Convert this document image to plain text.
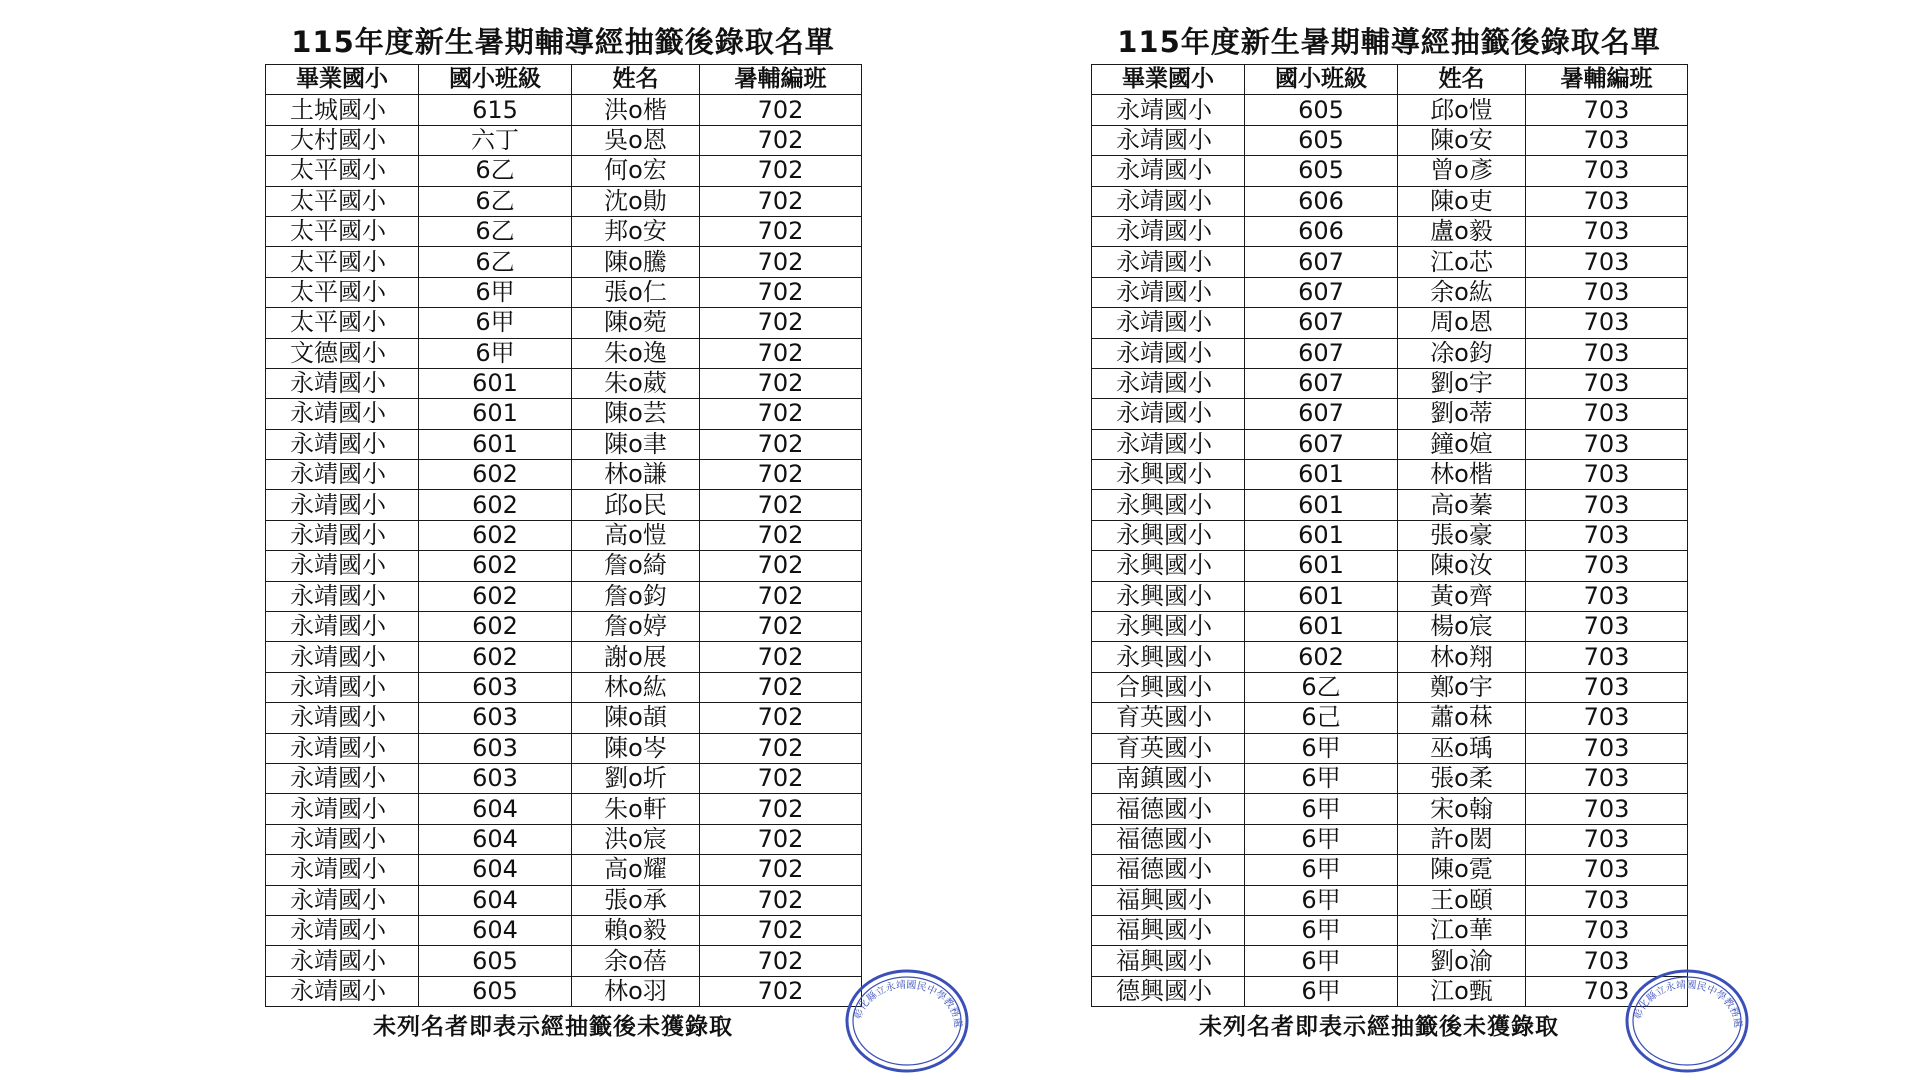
115年度新生暑期輔導經抽籤後錄取名單
畢業國小	國小班級	姓名	暑輔編班
土城國小	615	洪o楷	702
大村國小	六丁	吳o恩	702
太平國小	6乙	何o宏	702
太平國小	6乙	沈o勛	702
太平國小	6乙	邦o安	702
太平國小	6乙	陳o騰	702
太平國小	6甲	張o仁	702
太平國小	6甲	陳o菀	702
文德國小	6甲	朱o逸	702
永靖國小	601	朱o葳	702
永靖國小	601	陳o芸	702
永靖國小	601	陳o聿	702
永靖國小	602	林o謙	702
永靖國小	602	邱o民	702
永靖國小	602	高o愷	702
永靖國小	602	詹o綺	702
永靖國小	602	詹o鈞	702
永靖國小	602	詹o婷	702
永靖國小	602	謝o展	702
永靖國小	603	林o紘	702
永靖國小	603	陳o頡	702
永靖國小	603	陳o岑	702
永靖國小	603	劉o圻	702
永靖國小	604	朱o軒	702
永靖國小	604	洪o宸	702
永靖國小	604	高o耀	702
永靖國小	604	張o承	702
永靖國小	604	賴o毅	702
永靖國小	605	余o蓓	702
永靖國小	605	林o羽	702
未列名者即表示經抽籤後未獲錄取	彰化縣立永靖國民中學教務處
115年度新生暑期輔導經抽籤後錄取名單
畢業國小	國小班級	姓名	暑輔編班
永靖國小	605	邱o愷	703
永靖國小	605	陳o安	703
永靖國小	605	曾o彥	703
永靖國小	606	陳o吏	703
永靖國小	606	盧o毅	703
永靖國小	607	江o芯	703
永靖國小	607	余o紘	703
永靖國小	607	周o恩	703
永靖國小	607	凃o鈞	703
永靖國小	607	劉o宇	703
永靖國小	607	劉o蒂	703
永靖國小	607	鐘o媗	703
永興國小	601	林o楷	703
永興國小	601	高o蓁	703
永興國小	601	張o豪	703
永興國小	601	陳o汝	703
永興國小	601	黃o齊	703
永興國小	601	楊o宸	703
永興國小	602	林o翔	703
合興國小	6乙	鄭o宇	703
育英國小	6己	蕭o菻	703
育英國小	6甲	巫o瑀	703
南鎮國小	6甲	張o柔	703
福德國小	6甲	宋o翰	703
福德國小	6甲	許o閎	703
福德國小	6甲	陳o霓	703
福興國小	6甲	王o頤	703
福興國小	6甲	江o華	703
福興國小	6甲	劉o渝	703
德興國小	6甲	江o甄	703
未列名者即表示經抽籤後未獲錄取	彰化縣立永靖國民中學教務處
